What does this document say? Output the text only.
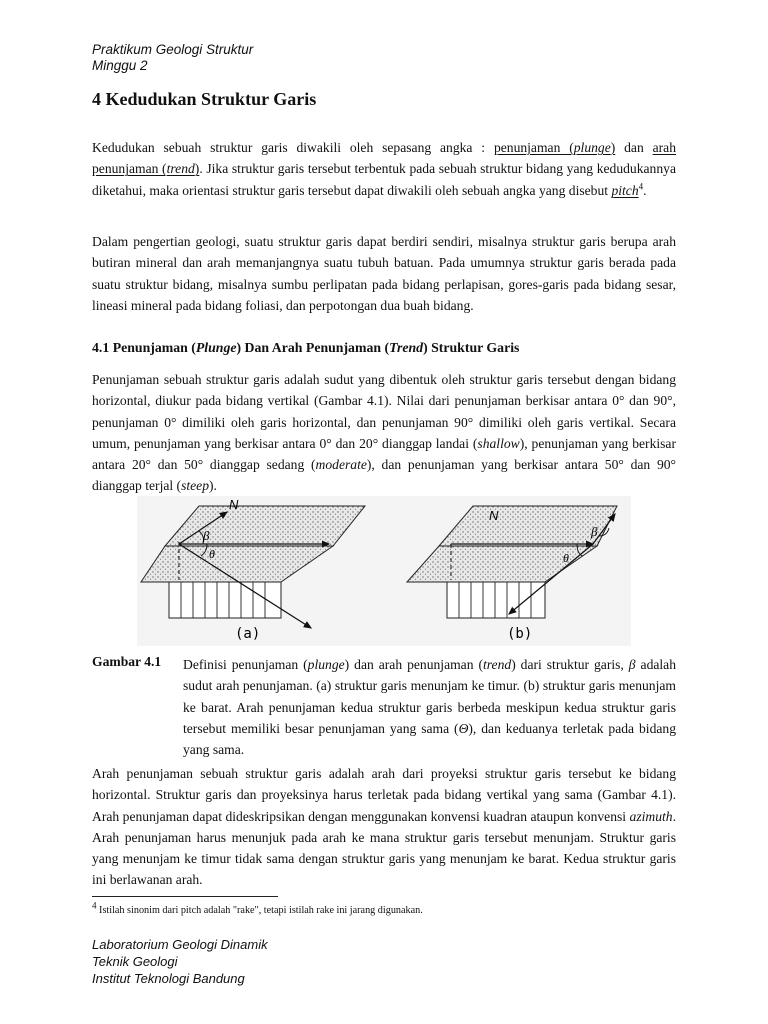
Praktikum Geologi Struktur
Minggu 2
4 Kedudukan Struktur Garis

Kedudukan sebuah struktur garis diwakili oleh sepasang angka : penunjaman (plunge) dan arah penunjaman (trend). Jika struktur garis tersebut terbentuk pada sebuah struktur bidang yang kedudukannya diketahui, maka orientasi struktur garis tersebut dapat diwakili oleh sebuah angka yang disebut pitch$^4$.

Dalam pengertian geologi, suatu struktur garis dapat berdiri sendiri, misalnya struktur garis berupa arah butiran mineral dan arah memanjangnya suatu tubuh batuan. Pada umumnya struktur garis berada pada suatu struktur bidang, misalnya sumbu perlipatan pada bidang perlapisan, gores-garis pada bidang sesar, lineasi mineral pada bidang foliasi, dan perpotongan dua buah bidang.

4.1 Penunjaman (Plunge) Dan Arah Penunjaman (Trend) Struktur Garis

Penunjaman sebuah struktur garis adalah sudut yang dibentuk oleh struktur garis tersebut dengan bidang horizontal, diukur pada bidang vertikal (Gambar 4.1). Nilai dari penunjaman berkisar antara 0° dan 90°, penunjaman 0° dimiliki oleh garis horizontal, dan penunjaman 90° dimiliki oleh garis vertikal. Secara umum, penunjaman yang berkisar antara 0° dan 20° dianggap landai (shallow), penunjaman yang berkisar antara 20° dan 50° dianggap sedang (moderate), dan penunjaman yang berkisar antara 50° dan 90° dianggap terjal (steep).

N
β
θ
(a)
N
β
θ
(b)
Gambar 4.1 Definisi penunjaman (plunge) dan arah penunjaman (trend) dari struktur garis, β adalah sudut arah penunjaman. (a) struktur garis menunjam ke timur. (b) struktur garis menunjam ke barat. Arah penunjaman kedua struktur garis berbeda meskipun kedua struktur garis tersebut memiliki besar penunjaman yang sama (Θ), dan keduanya terletak pada bidang yang sama.

Arah penunjaman sebuah struktur garis adalah arah dari proyeksi struktur garis tersebut ke bidang horizontal. Struktur garis dan proyeksinya harus terletak pada bidang vertikal yang sama (Gambar 4.1). Arah penunjaman dapat dideskripsikan dengan menggunakan konvensi kuadran ataupun konvensi azimuth. Arah penunjaman harus menunjuk pada arah ke mana struktur garis tersebut menunjam. Struktur garis yang menunjam ke timur tidak sama dengan struktur garis yang menunjam ke barat. Kedua struktur garis ini berlawanan arah.

$^4$ Istilah sinonim dari pitch adalah "rake", tetapi istilah rake ini jarang digunakan.
Laboratorium Geologi Dinamik
Teknik Geologi
Institut Teknologi Bandung
